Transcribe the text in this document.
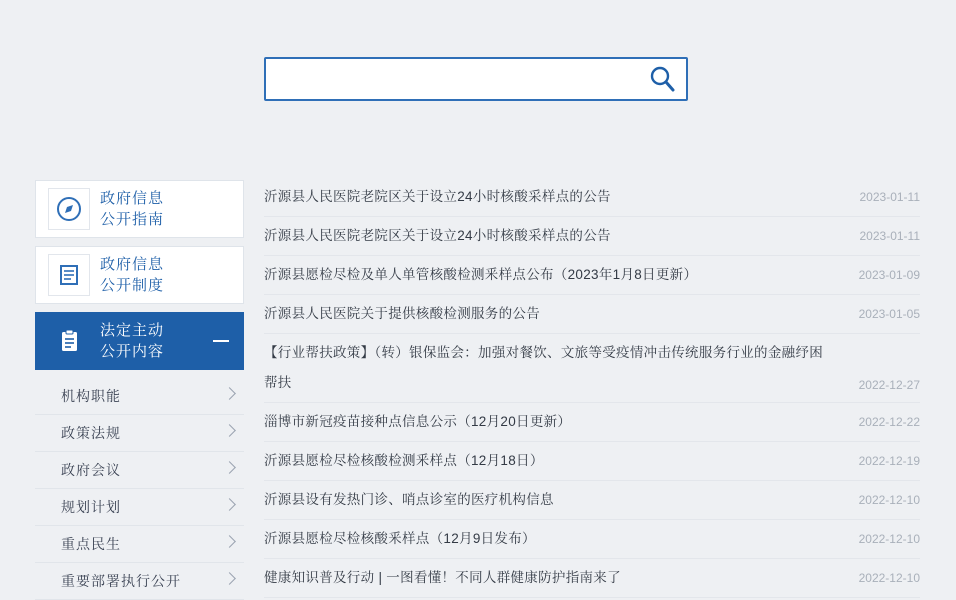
政府信息
公开指南
政府信息
公开制度
法定主动
公开内容
机构职能
政策法规
政府会议
规划计划
重点民生
重要部署执行公开
沂源县人民医院老院区关于设立24小时核酸采样点的公告	2023-01-11
沂源县人民医院老院区关于设立24小时核酸采样点的公告	2023-01-11
沂源县愿检尽检及单人单管核酸检测釆样点公布（2023年1月8日更新）	2023-01-09
沂源县人民医院关于提供核酸检测服务的公告	2023-01-05
【行业帮扶政策】（转）银保监会：加强对餐饮、文旅等受疫情冲击传统服务行业的金融纾困帮扶	2022-12-27
淄博市新冠疫苗接种点信息公示（12月20日更新）	2022-12-22
沂源县愿检尽检核酸检测釆样点（12月18日）	2022-12-19
沂源县设有发热门诊、哨点诊室的医疗机构信息	2022-12-10
沂源县愿检尽检核酸釆样点（12月9日发布）	2022-12-10
健康知识普及行动 | 一图看懂！不同人群健康防护指南来了	2022-12-10
